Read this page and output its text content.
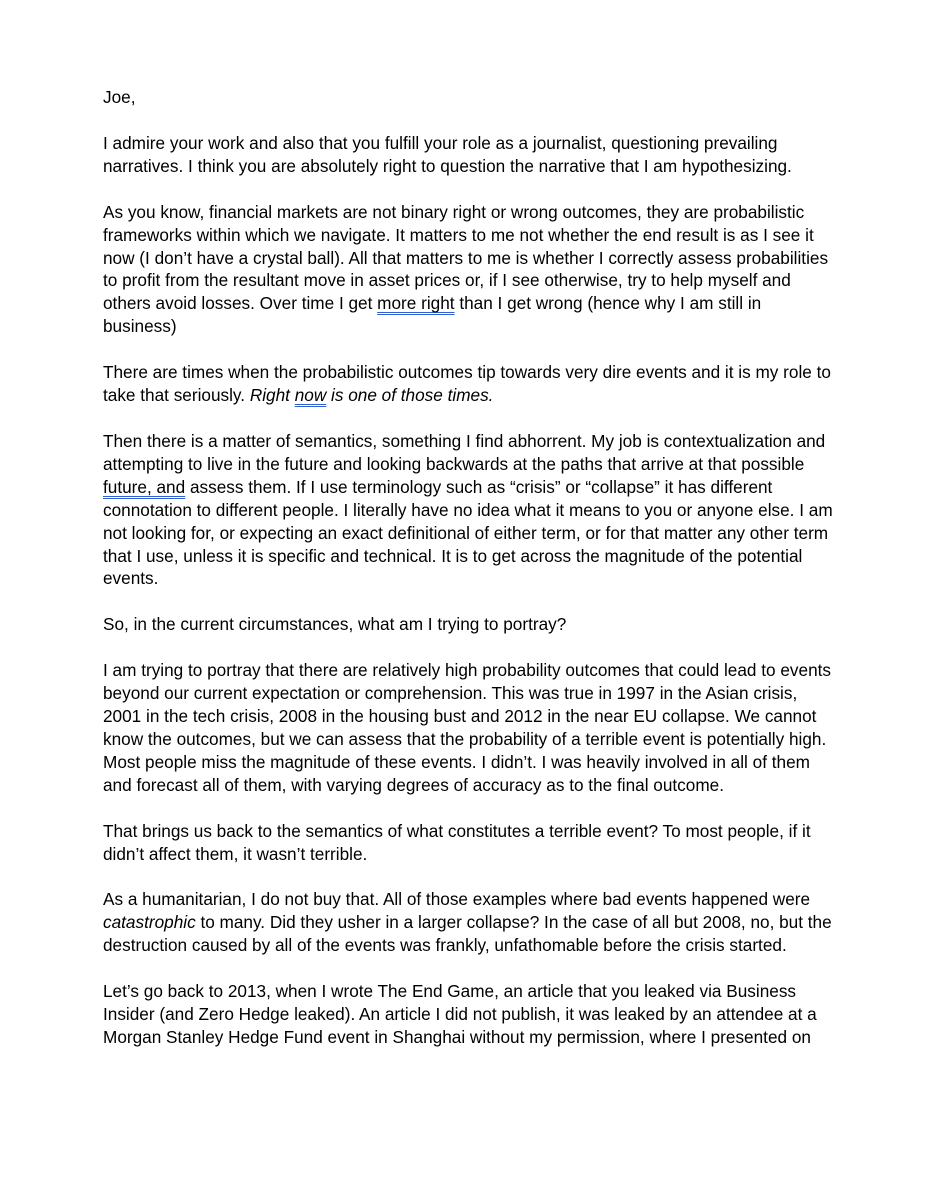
Joe,

I admire your work and also that you fulfill your role as a journalist, questioning prevailing narratives. I think you are absolutely right to question the narrative that I am hypothesizing.

As you know, financial markets are not binary right or wrong outcomes, they are probabilistic frameworks within which we navigate. It matters to me not whether the end result is as I see it now (I don’t have a crystal ball). All that matters to me is whether I correctly assess probabilities to profit from the resultant move in asset prices or, if I see otherwise, try to help myself and others avoid losses. Over time I get more right than I get wrong (hence why I am still in business)

There are times when the probabilistic outcomes tip towards very dire events and it is my role to take that seriously. Right now is one of those times.

Then there is a matter of semantics, something I find abhorrent. My job is contextualization and attempting to live in the future and looking backwards at the paths that arrive at that possible future, and assess them. If I use terminology such as “crisis” or “collapse” it has different connotation to different people. I literally have no idea what it means to you or anyone else. I am not looking for, or expecting an exact definitional of either term, or for that matter any other term that I use, unless it is specific and technical. It is to get across the magnitude of the potential events.

So, in the current circumstances, what am I trying to portray?

I am trying to portray that there are relatively high probability outcomes that could lead to events beyond our current expectation or comprehension. This was true in 1997 in the Asian crisis, 2001 in the tech crisis, 2008 in the housing bust and 2012 in the near EU collapse. We cannot know the outcomes, but we can assess that the probability of a terrible event is potentially high. Most people miss the magnitude of these events. I didn’t. I was heavily involved in all of them and forecast all of them, with varying degrees of accuracy as to the final outcome.

That brings us back to the semantics of what constitutes a terrible event? To most people, if it didn’t affect them, it wasn’t terrible.

As a humanitarian, I do not buy that. All of those examples where bad events happened were catastrophic to many. Did they usher in a larger collapse? In the case of all but 2008, no, but the destruction caused by all of the events was frankly, unfathomable before the crisis started.

Let’s go back to 2013, when I wrote The End Game, an article that you leaked via Business Insider (and Zero Hedge leaked). An article I did not publish, it was leaked by an attendee at a Morgan Stanley Hedge Fund event in Shanghai without my permission, where I presented on
